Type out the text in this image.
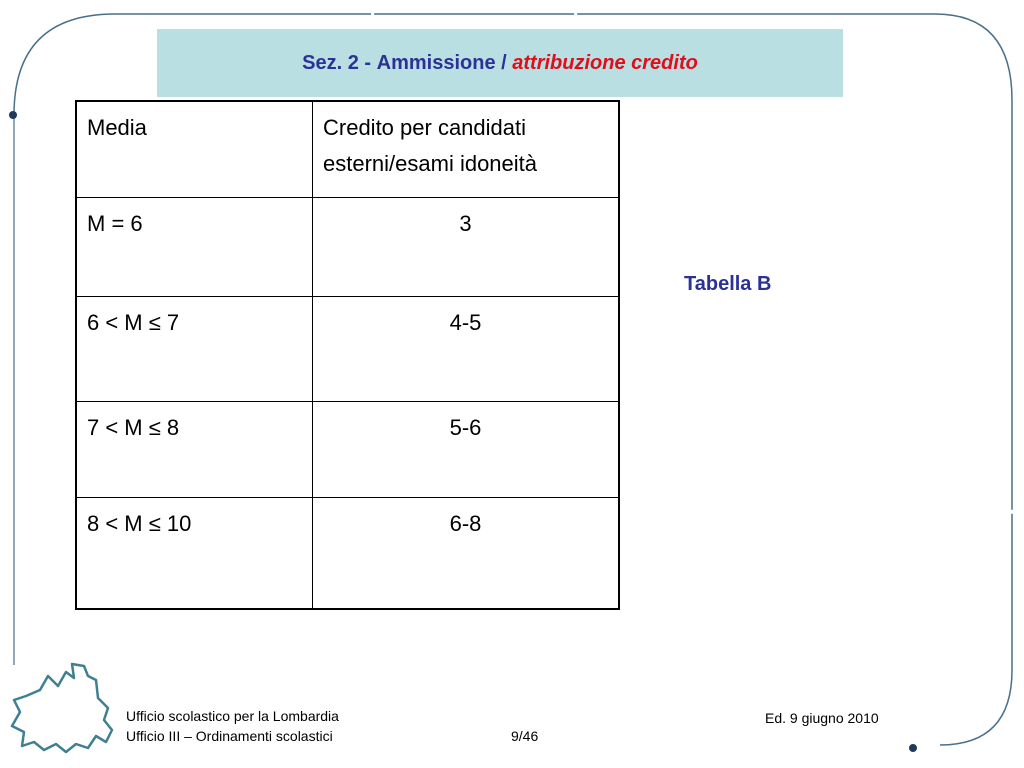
Sez. 2 - Ammissione / attribuzione credito
Media	Credito per candidati
esterni/esami idoneità
M = 6	3
6 < M ≤ 7	4-5
7 < M ≤ 8	5-6
8 < M ≤ 10	6-8
Tabella B
Ufficio scolastico per la Lombardia
Ufficio III – Ordinamenti scolastici	9/46
Ed. 9 giugno 2010
